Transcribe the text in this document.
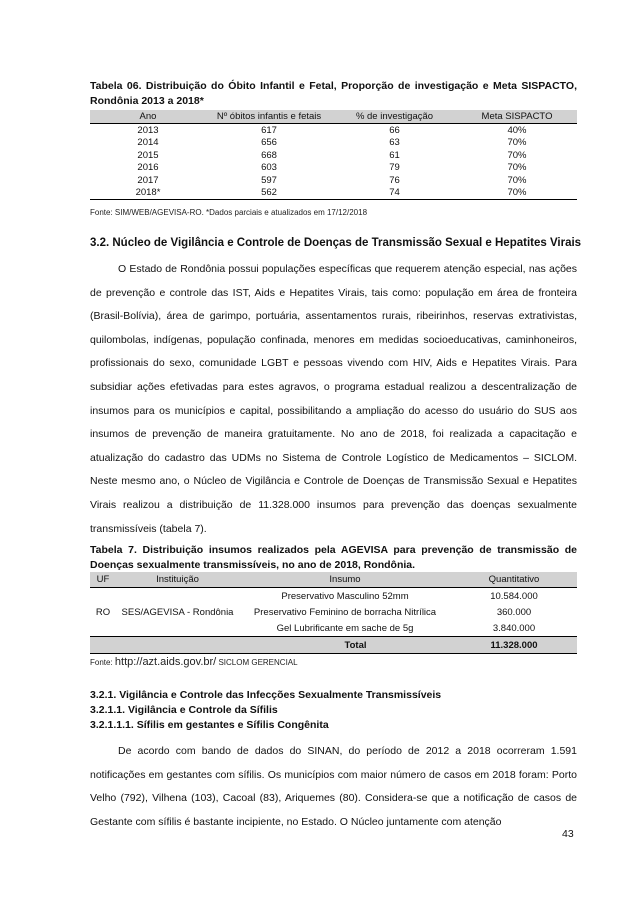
Tabela 06. Distribuição do Óbito Infantil e Fetal, Proporção de investigação e Meta SISPACTO, Rondônia 2013 a 2018*
Ano	Nº óbitos infantis e fetais	% de investigação	Meta SISPACTO
2013	617	66	40%
2014	656	63	70%
2015	668	61	70%
2016	603	79	70%
2017	597	76	70%
2018*	562	74	70%
Fonte: SIM/WEB/AGEVISA-RO. *Dados parciais e atualizados em 17/12/2018
3.2. Núcleo de Vigilância e Controle de Doenças de Transmissão Sexual e Hepatites Virais

O Estado de Rondônia possui populações específicas que requerem atenção especial, nas ações de prevenção e controle das IST, Aids e Hepatites Virais, tais como: população em área de fronteira (Brasil-Bolívia), área de garimpo, portuária, assentamentos rurais, ribeirinhos, reservas extrativistas, quilombolas, indígenas, população confinada, menores em medidas socioeducativas, caminhoneiros, profissionais do sexo, comunidade LGBT e pessoas vivendo com HIV, Aids e Hepatites Virais. Para subsidiar ações efetivadas para estes agravos, o programa estadual realizou a descentralização de insumos para os municípios e capital, possibilitando a ampliação do acesso do usuário do SUS aos insumos de prevenção de maneira gratuitamente. No ano de 2018, foi realizada a capacitação e atualização do cadastro das UDMs no Sistema de Controle Logístico de Medicamentos – SICLOM. Neste mesmo ano, o Núcleo de Vigilância e Controle de Doenças de Transmissão Sexual e Hepatites Virais realizou a distribuição de 11.328.000 insumos para prevenção das doenças sexualmente transmissíveis (tabela 7).

Tabela 7. Distribuição insumos realizados pela AGEVISA para prevenção de transmissão de Doenças sexualmente transmissíveis, no ano de 2018, Rondônia.
UF	Instituição	Insumo	Quantitativo
RO	SES/AGEVISA - Rondônia	Preservativo Masculino 52mm	10.584.000
		Preservativo Feminino de borracha Nitrílica	360.000
		Gel Lubrificante em sache de 5g	3.840.000
Total			11.328.000
Fonte: http://azt.aids.gov.br/ SICLOM GERENCIAL
3.2.1. Vigilância e Controle das Infecções Sexualmente Transmissíveis
3.2.1.1. Vigilância e Controle da Sífilis
3.2.1.1.1. Sífilis em gestantes e Sífilis Congênita

De acordo com bando de dados do SINAN, do período de 2012 a 2018 ocorreram 1.591 notificações em gestantes com sífilis. Os municípios com maior número de casos em 2018 foram: Porto Velho (792), Vilhena (103), Cacoal (83), Ariquemes (80). Considera-se que a notificação de casos de Gestante com sífilis é bastante incipiente, no Estado. O Núcleo juntamente com atenção

43
